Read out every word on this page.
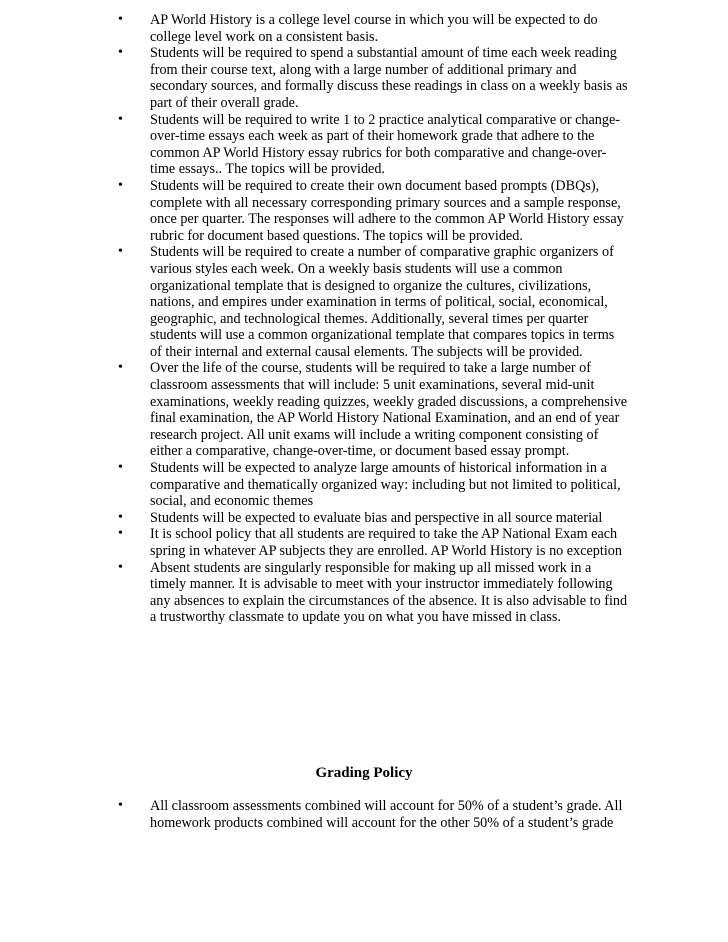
•	AP World History is a college level course in which you will be expected to do college level work on a consistent basis.
•	Students will be required to spend a substantial amount of time each week reading from their course text, along with a large number of additional primary and secondary sources, and formally discuss these readings in class on a weekly basis as part of their overall grade.
•	Students will be required to write 1 to 2 practice analytical comparative or change-over-time essays each week as part of their homework grade that adhere to the common AP World History essay rubrics for both comparative and change-over-time essays.. The topics will be provided.
•	Students will be required to create their own document based prompts (DBQs), complete with all necessary corresponding primary sources and a sample response, once per quarter. The responses will adhere to the common AP World History essay rubric for document based questions. The topics will be provided.
•	Students will be required to create a number of comparative graphic organizers of various styles each week. On a weekly basis students will use a common organizational template that is designed to organize the cultures, civilizations, nations, and empires under examination in terms of political, social, economical, geographic, and technological themes. Additionally, several times per quarter students will use a common organizational template that compares topics in terms of their internal and external causal elements. The subjects will be provided.
•	Over the life of the course, students will be required to take a large number of classroom assessments that will include: 5 unit examinations, several mid-unit examinations, weekly reading quizzes, weekly graded discussions, a comprehensive final examination, the AP World History National Examination, and an end of year research project. All unit exams will include a writing component consisting of either a comparative, change-over-time, or document based essay prompt.
•	Students will be expected to analyze large amounts of historical information in a comparative and thematically organized way: including but not limited to political, social, and economic themes
•	Students will be expected to evaluate bias and perspective in all source material
•	It is school policy that all students are required to take the AP National Exam each spring in whatever AP subjects they are enrolled. AP World History is no exception
•	Absent students are singularly responsible for making up all missed work in a timely manner. It is advisable to meet with your instructor immediately following any absences to explain the circumstances of the absence. It is also advisable to find a trustworthy classmate to update you on what you have missed in class.
Grading Policy
•	All classroom assessments combined will account for 50% of a student’s grade. All homework products combined will account for the other 50% of a student’s grade
